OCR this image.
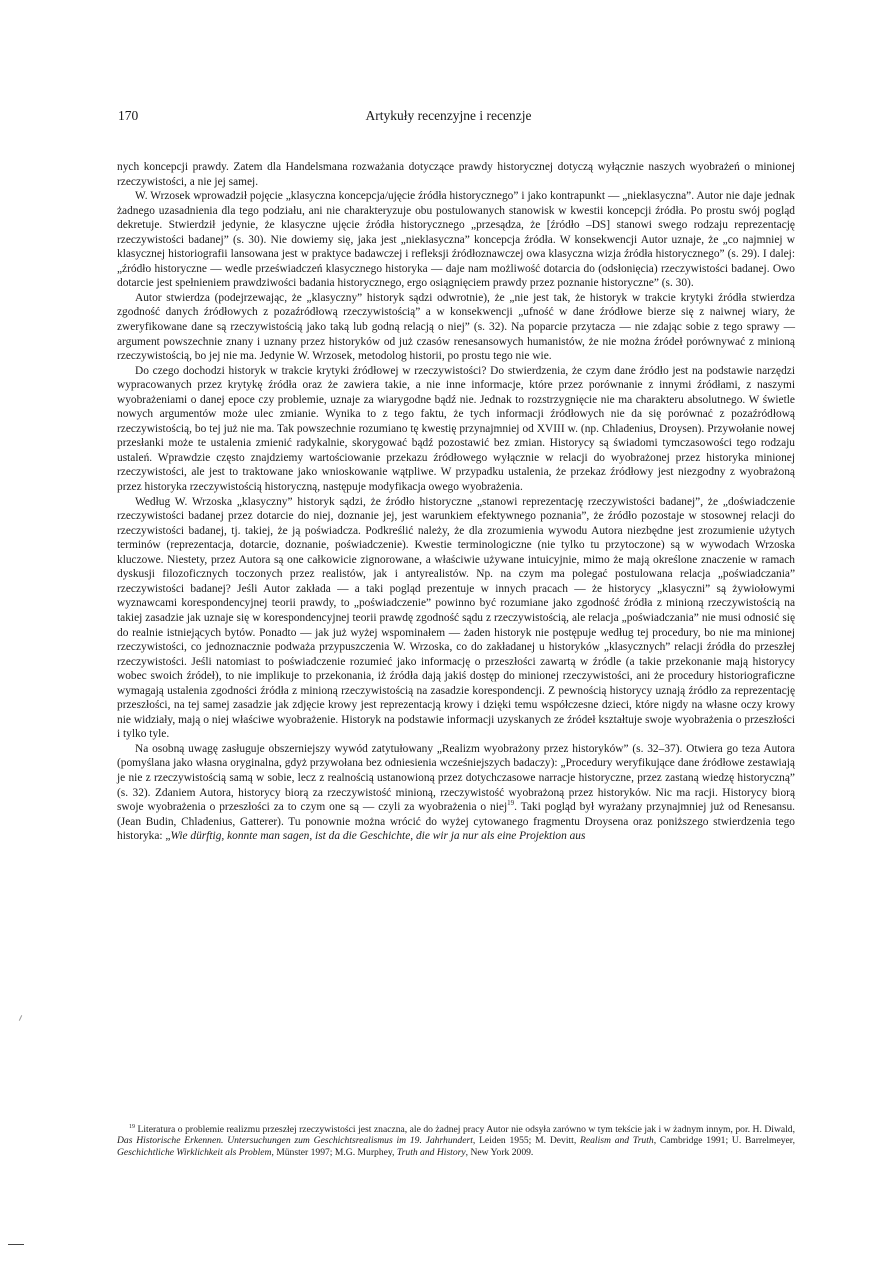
170	Artykuły recenzyjne i recenzje

nych koncepcji prawdy. Zatem dla Handelsmana rozważania dotyczące prawdy historycznej dotyczą wyłącznie naszych wyobrażeń o minionej rzeczywistości, a nie jej samej.

W. Wrzosek wprowadził pojęcie „klasyczna koncepcja/ujęcie źródła historycznego” i jako kontrapunkt — „nieklasyczna”. Autor nie daje jednak żadnego uzasadnienia dla tego podziału, ani nie charakteryzuje obu postulowanych stanowisk w kwestii koncepcji źródła. Po prostu swój pogląd dekretuje. Stwierdził jedynie, że klasyczne ujęcie źródła historycznego „przesądza, że [źródło –DS] stanowi swego rodzaju reprezentację rzeczywistości badanej” (s. 30). Nie dowiemy się, jaka jest „nieklasyczna” koncepcja źródła. W konsekwencji Autor uznaje, że „co najmniej w klasycznej historiografii lansowana jest w praktyce badawczej i refleksji źródłoznawczej owa klasyczna wizja źródła historycznego” (s. 29). I dalej: „źródło historyczne — wedle przeświadczeń klasycznego historyka — daje nam możliwość dotarcia do (odsłonięcia) rzeczywistości badanej. Owo dotarcie jest spełnieniem prawdziwości badania historycznego, ergo osiągnięciem prawdy przez poznanie historyczne” (s. 30).

Autor stwierdza (podejrzewając, że „klasyczny” historyk sądzi odwrotnie), że „nie jest tak, że historyk w trakcie krytyki źródła stwierdza zgodność danych źródłowych z pozaźródłową rzeczywistością” a w konsekwencji „ufność w dane źródłowe bierze się z naiwnej wiary, że zweryfikowane dane są rzeczywistością jako taką lub godną relacją o niej” (s. 32). Na poparcie przytacza — nie zdając sobie z tego sprawy — argument powszechnie znany i uznany przez historyków od już czasów renesansowych humanistów, że nie można źródeł porównywać z minioną rzeczywistością, bo jej nie ma. Jedynie W. Wrzosek, metodolog historii, po prostu tego nie wie.

Do czego dochodzi historyk w trakcie krytyki źródłowej w rzeczywistości? Do stwierdzenia, że czym dane źródło jest na podstawie narzędzi wypracowanych przez krytykę źródła oraz że zawiera takie, a nie inne informacje, które przez porównanie z innymi źródłami, z naszymi wyobrażeniami o danej epoce czy problemie, uznaje za wiarygodne bądź nie. Jednak to rozstrzygnięcie nie ma charakteru absolutnego. W świetle nowych argumentów może ulec zmianie. Wynika to z tego faktu, że tych informacji źródłowych nie da się porównać z pozaźródłową rzeczywistością, bo tej już nie ma. Tak powszechnie rozumiano tę kwestię przynajmniej od XVIII w. (np. Chladenius, Droysen). Przywołanie nowej przesłanki może te ustalenia zmienić radykalnie, skorygować bądź pozostawić bez zmian. Historycy są świadomi tymczasowości tego rodzaju ustaleń. Wprawdzie często znajdziemy wartościowanie przekazu źródłowego wyłącznie w relacji do wyobrażonej przez historyka minionej rzeczywistości, ale jest to traktowane jako wnioskowanie wątpliwe. W przypadku ustalenia, że przekaz źródłowy jest niezgodny z wyobrażoną przez historyka rzeczywistością historyczną, następuje modyfikacja owego wyobrażenia.

Według W. Wrzoska „klasyczny” historyk sądzi, że źródło historyczne „stanowi reprezentację rzeczywistości badanej”, że „doświadczenie rzeczywistości badanej przez dotarcie do niej, doznanie jej, jest warunkiem efektywnego poznania”, że źródło pozostaje w stosownej relacji do rzeczywistości badanej, tj. takiej, że ją poświadcza. Podkreślić należy, że dla zrozumienia wywodu Autora niezbędne jest zrozumienie użytych terminów (reprezentacja, dotarcie, doznanie, poświadczenie). Kwestie terminologiczne (nie tylko tu przytoczone) są w wywodach Wrzoska kluczowe. Niestety, przez Autora są one całkowicie zignorowane, a właściwie używane intuicyjnie, mimo że mają określone znaczenie w ramach dyskusji filozoficznych toczonych przez realistów, jak i antyrealistów. Np. na czym ma polegać postulowana relacja „poświadczania” rzeczywistości badanej? Jeśli Autor zakłada — a taki pogląd prezentuje w innych pracach — że historycy „klasyczni” są żywiołowymi wyznawcami korespondencyjnej teorii prawdy, to „poświadczenie” powinno być rozumiane jako zgodność źródła z minioną rzeczywistością na takiej zasadzie jak uznaje się w korespondencyjnej teorii prawdę zgodność sądu z rzeczywistością, ale relacja „poświadczania” nie musi odnosić się do realnie istniejących bytów. Ponadto — jak już wyżej wspominałem — żaden historyk nie postępuje według tej procedury, bo nie ma minionej rzeczywistości, co jednoznacznie podważa przypuszczenia W. Wrzoska, co do zakładanej u historyków „klasycznych” relacji źródła do przeszłej rzeczywistości. Jeśli natomiast to poświadczenie rozumieć jako informację o przeszłości zawartą w źródle (a takie przekonanie mają historycy wobec swoich źródeł), to nie implikuje to przekonania, iż źródła dają jakiś dostęp do minionej rzeczywistości, ani że procedury historiograficzne wymagają ustalenia zgodności źródła z minioną rzeczywistością na zasadzie korespondencji. Z pewnością historycy uznają źródło za reprezentację przeszłości, na tej samej zasadzie jak zdjęcie krowy jest reprezentacją krowy i dzięki temu współczesne dzieci, które nigdy na własne oczy krowy nie widziały, mają o niej właściwe wyobrażenie. Historyk na podstawie informacji uzyskanych ze źródeł kształtuje swoje wyobrażenia o przeszłości i tylko tyle.

Na osobną uwagę zasługuje obszerniejszy wywód zatytułowany „Realizm wyobrażony przez historyków” (s. 32–37). Otwiera go teza Autora (pomyślana jako własna oryginalna, gdyż przywołana bez odniesienia wcześniejszych badaczy): „Procedury weryfikujące dane źródłowe zestawiają je nie z rzeczywistością samą w sobie, lecz z realnością ustanowioną przez dotychczasowe narracje historyczne, przez zastaną wiedzę historyczną” (s. 32). Zdaniem Autora, historycy biorą za rzeczywistość minioną, rzeczywistość wyobrażoną przez historyków. Nic ma racji. Historycy biorą swoje wyobrażenia o przeszłości za to czym one są — czyli za wyobrażenia o niej$^{19}$. Taki pogląd był wyrażany przynajmniej już od Renesansu. (Jean Budin, Chladenius, Gatterer). Tu ponownie można wrócić do wyżej cytowanego fragmentu Droysena oraz poniższego stwierdzenia tego historyka: „Wie dürftig, konnte man sagen, ist da die Geschichte, die wir ja nur als eine Projektion aus

$^{19}$ Literatura o problemie realizmu przeszłej rzeczywistości jest znaczna, ale do żadnej pracy Autor nie odsyła zarówno w tym tekście jak i w żadnym innym, por. H. Diwald, Das Historische Erkennen. Untersuchungen zum Geschichtsrealismus im 19. Jahrhundert, Leiden 1955; M. Devitt, Realism and Truth, Cambridge 1991; U. Barrelmeyer, Geschichtliche Wirklichkeit als Problem, Münster 1997; M.G. Murphey, Truth and History, New York 2009.
